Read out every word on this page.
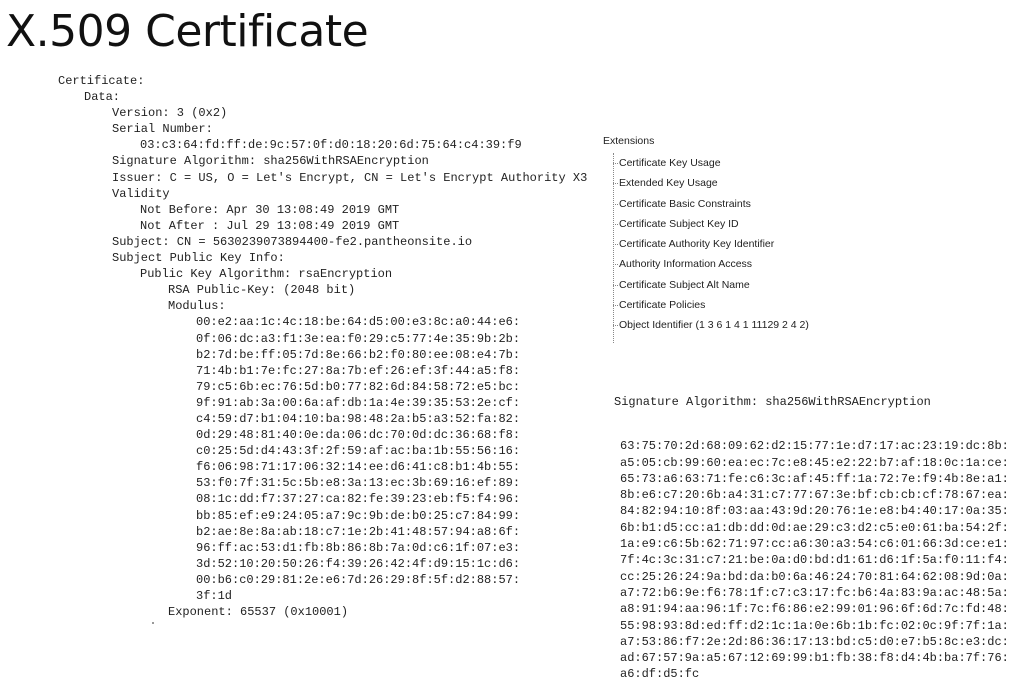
X.509 Certificate
Certificate:
Data:
Version: 3 (0x2)
Serial Number:
03:c3:64:fd:ff:de:9c:57:0f:d0:18:20:6d:75:64:c4:39:f9
Signature Algorithm: sha256WithRSAEncryption
Issuer: C = US, O = Let's Encrypt, CN = Let's Encrypt Authority X3
Validity
Not Before: Apr 30 13:08:49 2019 GMT
Not After : Jul 29 13:08:49 2019 GMT
Subject: CN = 5630239073894400-fe2.pantheonsite.io
Subject Public Key Info:
Public Key Algorithm: rsaEncryption
RSA Public-Key: (2048 bit)
Modulus:
00:e2:aa:1c:4c:18:be:64:d5:00:e3:8c:a0:44:e6:
0f:06:dc:a3:f1:3e:ea:f0:29:c5:77:4e:35:9b:2b:
b2:7d:be:ff:05:7d:8e:66:b2:f0:80:ee:08:e4:7b:
71:4b:b1:7e:fc:27:8a:7b:ef:26:ef:3f:44:a5:f8:
79:c5:6b:ec:76:5d:b0:77:82:6d:84:58:72:e5:bc:
9f:91:ab:3a:00:6a:af:db:1a:4e:39:35:53:2e:cf:
c4:59:d7:b1:04:10:ba:98:48:2a:b5:a3:52:fa:82:
0d:29:48:81:40:0e:da:06:dc:70:0d:dc:36:68:f8:
c0:25:5d:d4:43:3f:2f:59:af:ac:ba:1b:55:56:16:
f6:06:98:71:17:06:32:14:ee:d6:41:c8:b1:4b:55:
53:f0:7f:31:5c:5b:e8:3a:13:ec:3b:69:16:ef:89:
08:1c:dd:f7:37:27:ca:82:fe:39:23:eb:f5:f4:96:
bb:85:ef:e9:24:05:a7:9c:9b:de:b0:25:c7:84:99:
b2:ae:8e:8a:ab:18:c7:1e:2b:41:48:57:94:a8:6f:
96:ff:ac:53:d1:fb:8b:86:8b:7a:0d:c6:1f:07:e3:
3d:52:10:20:50:26:f4:39:26:42:4f:d9:15:1c:d6:
00:b6:c0:29:81:2e:e6:7d:26:29:8f:5f:d2:88:57:
3f:1d
Exponent: 65537 (0x10001)
Extensions
Certificate Key Usage
Extended Key Usage
Certificate Basic Constraints
Certificate Subject Key ID
Certificate Authority Key Identifier
Authority Information Access
Certificate Subject Alt Name
Certificate Policies
Object Identifier (1 3 6 1 4 1 11129 2 4 2)

Signature Algorithm: sha256WithRSAEncryption

63:75:70:2d:68:09:62:d2:15:77:1e:d7:17:ac:23:19:dc:8b:
a5:05:cb:99:60:ea:ec:7c:e8:45:e2:22:b7:af:18:0c:1a:ce:
65:73:a6:63:71:fe:c6:3c:af:45:ff:1a:72:7e:f9:4b:8e:a1:
8b:e6:c7:20:6b:a4:31:c7:77:67:3e:bf:cb:cb:cf:78:67:ea:
84:82:94:10:8f:03:aa:43:9d:20:76:1e:e8:b4:40:17:0a:35:
6b:b1:d5:cc:a1:db:dd:0d:ae:29:c3:d2:c5:e0:61:ba:54:2f:
1a:e9:c6:5b:62:71:97:cc:a6:30:a3:54:c6:01:66:3d:ce:e1:
7f:4c:3c:31:c7:21:be:0a:d0:bd:d1:61:d6:1f:5a:f0:11:f4:
cc:25:26:24:9a:bd:da:b0:6a:46:24:70:81:64:62:08:9d:0a:
a7:72:b6:9e:f6:78:1f:c7:c3:17:fc:b6:4a:83:9a:ac:48:5a:
a8:91:94:aa:96:1f:7c:f6:86:e2:99:01:96:6f:6d:7c:fd:48:
55:98:93:8d:ed:ff:d2:1c:1a:0e:6b:1b:fc:02:0c:9f:7f:1a:
a7:53:86:f7:2e:2d:86:36:17:13:bd:c5:d0:e7:b5:8c:e3:dc:
ad:67:57:9a:a5:67:12:69:99:b1:fb:38:f8:d4:4b:ba:7f:76:
a6:df:d5:fc
